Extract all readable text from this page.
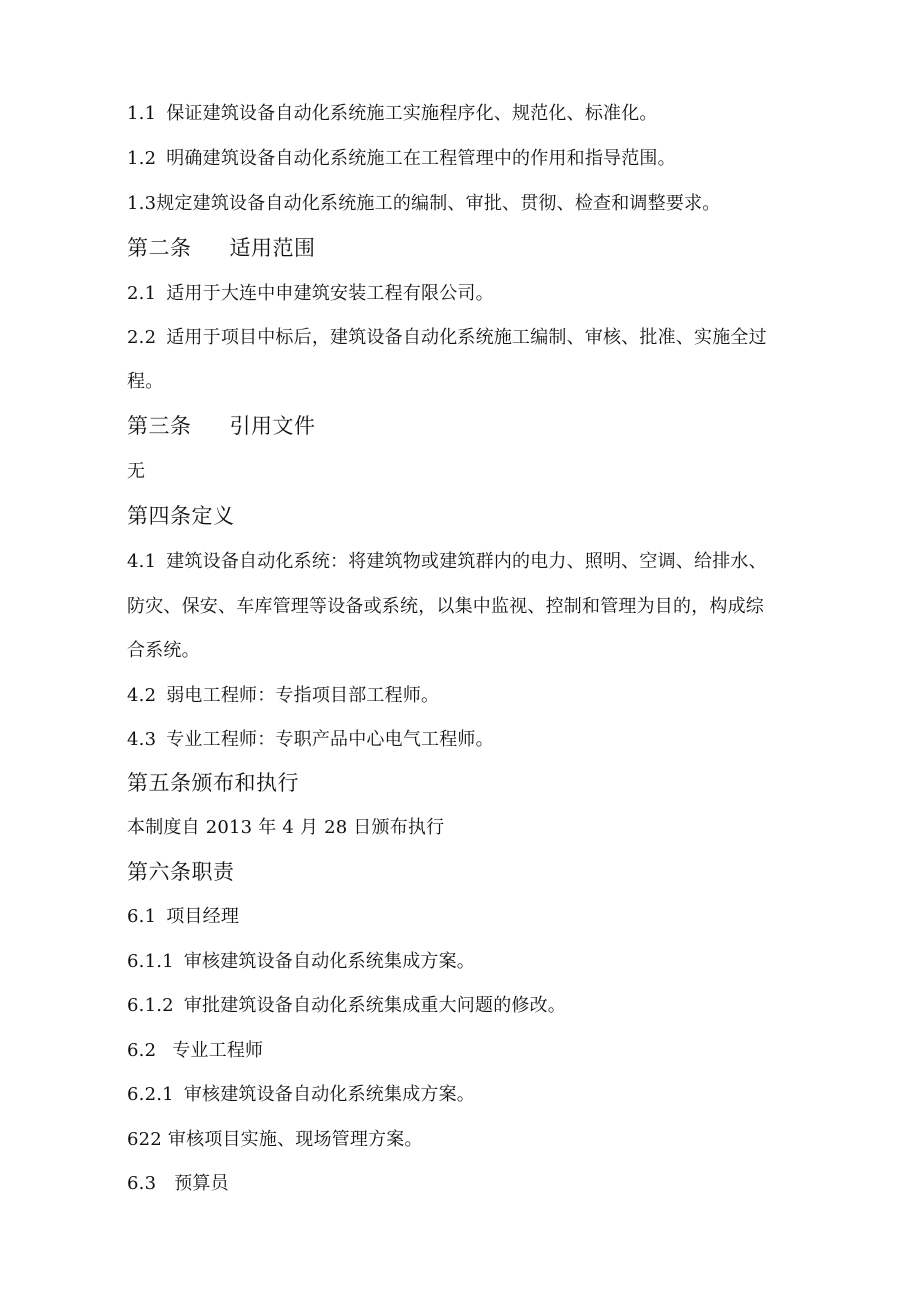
1.1 保证建筑设备自动化系统施工实施程序化、规范化、标准化。
1.2 明确建筑设备自动化系统施工在工程管理中的作用和指导范围。
1.3规定建筑设备自动化系统施工的编制、审批、贯彻、检查和调整要求。
第二条 适用范围
2.1 适用于大连中申建筑安装工程有限公司。
2.2 适用于项目中标后，建筑设备自动化系统施工编制、审核、批准、实施全过
程。
第三条 引用文件
无
第四条定义
4.1 建筑设备自动化系统：将建筑物或建筑群内的电力、照明、空调、给排水、
防灾、保安、车库管理等设备或系统，以集中监视、控制和管理为目的，构成综
合系统。
4.2 弱电工程师：专指项目部工程师。
4.3 专业工程师：专职产品中心电气工程师。
第五条颁布和执行
本制度自 2013 年 4 月 28 日颁布执行
第六条职责
6.1 项目经理
6.1.1 审核建筑设备自动化系统集成方案。
6.1.2 审批建筑设备自动化系统集成重大问题的修改。
6.2 专业工程师
6.2.1 审核建筑设备自动化系统集成方案。
622 审核项目实施、现场管理方案。
6.3 预算员
